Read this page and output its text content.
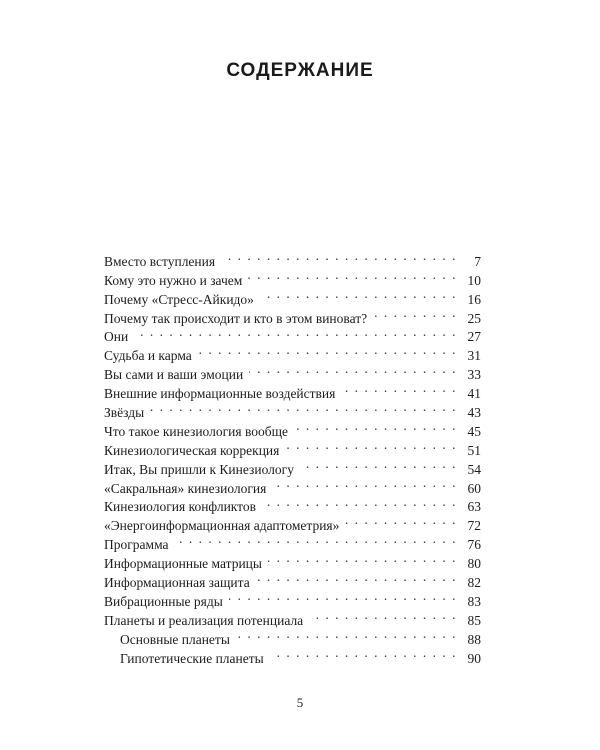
СОДЕРЖАНИЕ
Вместо вступления . . .	7
Кому это нужно и зачем . . .	10
Почему «Стресс-Айкидо» . . .	16
Почему так происходит и кто в этом виноват? . . .	25
Они . . .	27
Судьба и карма . . .	31
Вы сами и ваши эмоции . . .	33
Внешние информационные воздействия . . .	41
Звёзды . . .	43
Что такое кинезиология вообще . . .	45
Кинезиологическая коррекция . . .	51
Итак, Вы пришли к Кинезиологу . . .	54
«Сакральная» кинезиология . . .	60
Кинезиология конфликтов . . .	63
«Энергоинформационная адаптометрия» . . .	72
Программа . . .	76
Информационные матрицы . . .	80
Информационная защита . . .	82
Вибрационные ряды . . .	83
Планеты и реализация потенциала . . .	85
Основные планеты . . .	88
Гипотетические планеты . . .	90
5
